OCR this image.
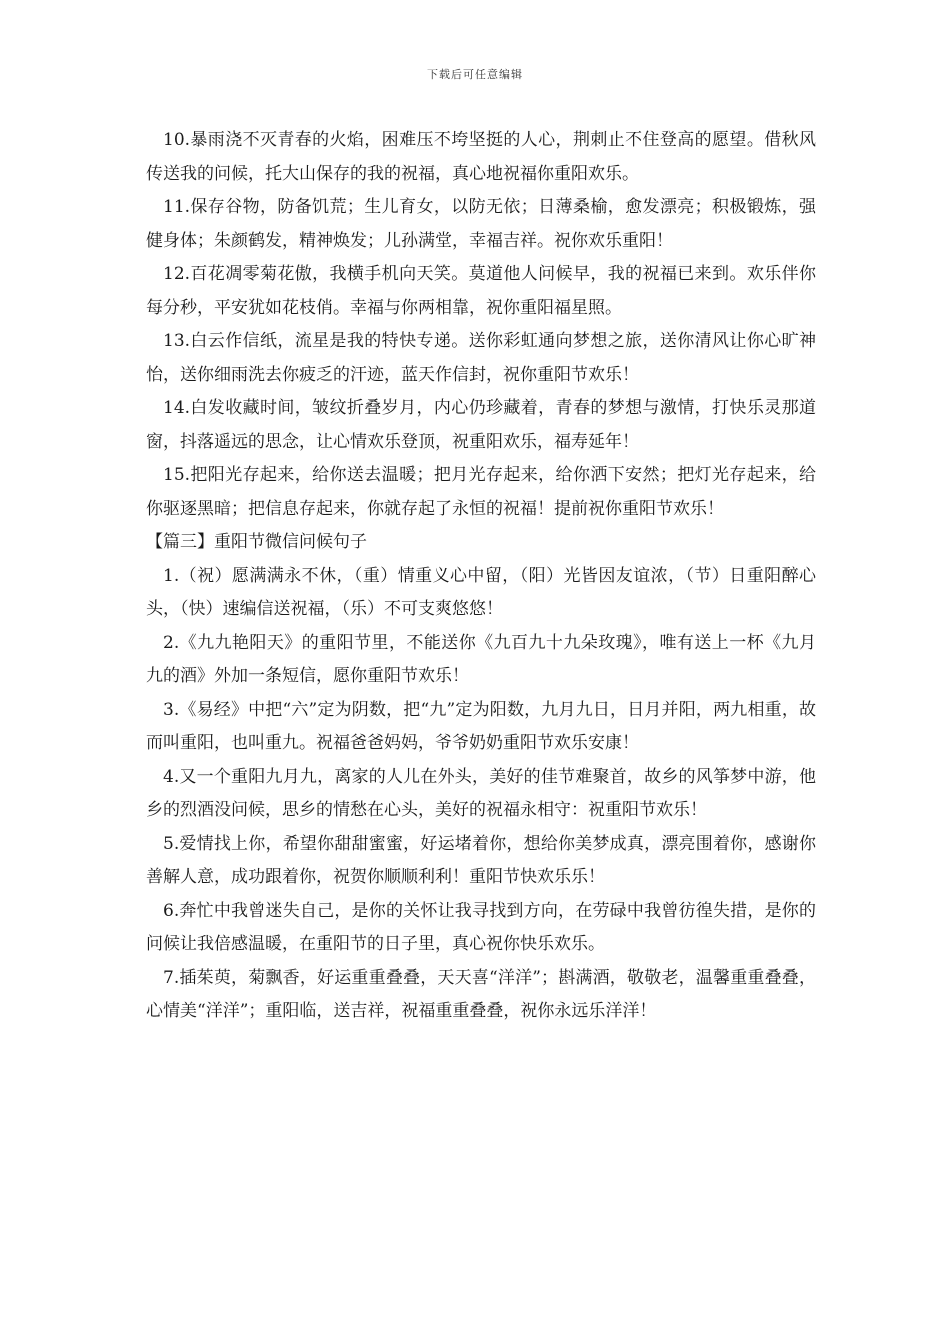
下载后可任意编辑

10.暴雨浇不灭青春的火焰，困难压不垮坚挺的人心，荆刺止不住登高的愿望。借秋风传送我的问候，托大山保存的我的祝福，真心地祝福你重阳欢乐。

11.保存谷物，防备饥荒；生儿育女，以防无依；日薄桑榆，愈发漂亮；积极锻炼，强健身体；朱颜鹤发，精神焕发；儿孙满堂，幸福吉祥。祝你欢乐重阳！

12.百花凋零菊花傲，我横手机向天笑。莫道他人问候早，我的祝福已来到。欢乐伴你每分秒，平安犹如花枝俏。幸福与你两相靠，祝你重阳福星照。

13.白云作信纸，流星是我的特快专递。送你彩虹通向梦想之旅，送你清风让你心旷神怡，送你细雨洗去你疲乏的汗迹，蓝天作信封，祝你重阳节欢乐！

14.白发收藏时间，皱纹折叠岁月，内心仍珍藏着，青春的梦想与激情，打快乐灵那道窗，抖落遥远的思念，让心情欢乐登顶，祝重阳欢乐，福寿延年！

15.把阳光存起来，给你送去温暖；把月光存起来，给你洒下安然；把灯光存起来，给你驱逐黑暗；把信息存起来，你就存起了永恒的祝福！提前祝你重阳节欢乐！

【篇三】重阳节微信问候句子

1.（祝）愿满满永不休，（重）情重义心中留，（阳）光皆因友谊浓，（节）日重阳醉心头，（快）速编信送祝福，（乐）不可支爽悠悠！

2.《九九艳阳天》的重阳节里，不能送你《九百九十九朵玫瑰》，唯有送上一杯《九月九的酒》外加一条短信，愿你重阳节欢乐！

3.《易经》中把“六”定为阴数，把“九”定为阳数，九月九日，日月并阳，两九相重，故而叫重阳，也叫重九。祝福爸爸妈妈，爷爷奶奶重阳节欢乐安康！

4.又一个重阳九月九，离家的人儿在外头，美好的佳节难聚首，故乡的风筝梦中游，他乡的烈酒没问候，思乡的情愁在心头，美好的祝福永相守：祝重阳节欢乐！

5.爱情找上你，希望你甜甜蜜蜜，好运堵着你，想给你美梦成真，漂亮围着你，感谢你善解人意，成功跟着你，祝贺你顺顺利利！重阳节快欢乐乐！

6.奔忙中我曾迷失自己，是你的关怀让我寻找到方向，在劳碌中我曾彷徨失措，是你的问候让我倍感温暖，在重阳节的日子里，真心祝你快乐欢乐。

7.插茱萸，菊飘香，好运重重叠叠，天天喜“洋洋”；斟满酒，敬敬老，温馨重重叠叠，心情美“洋洋”；重阳临，送吉祥，祝福重重叠叠，祝你永远乐洋洋！
